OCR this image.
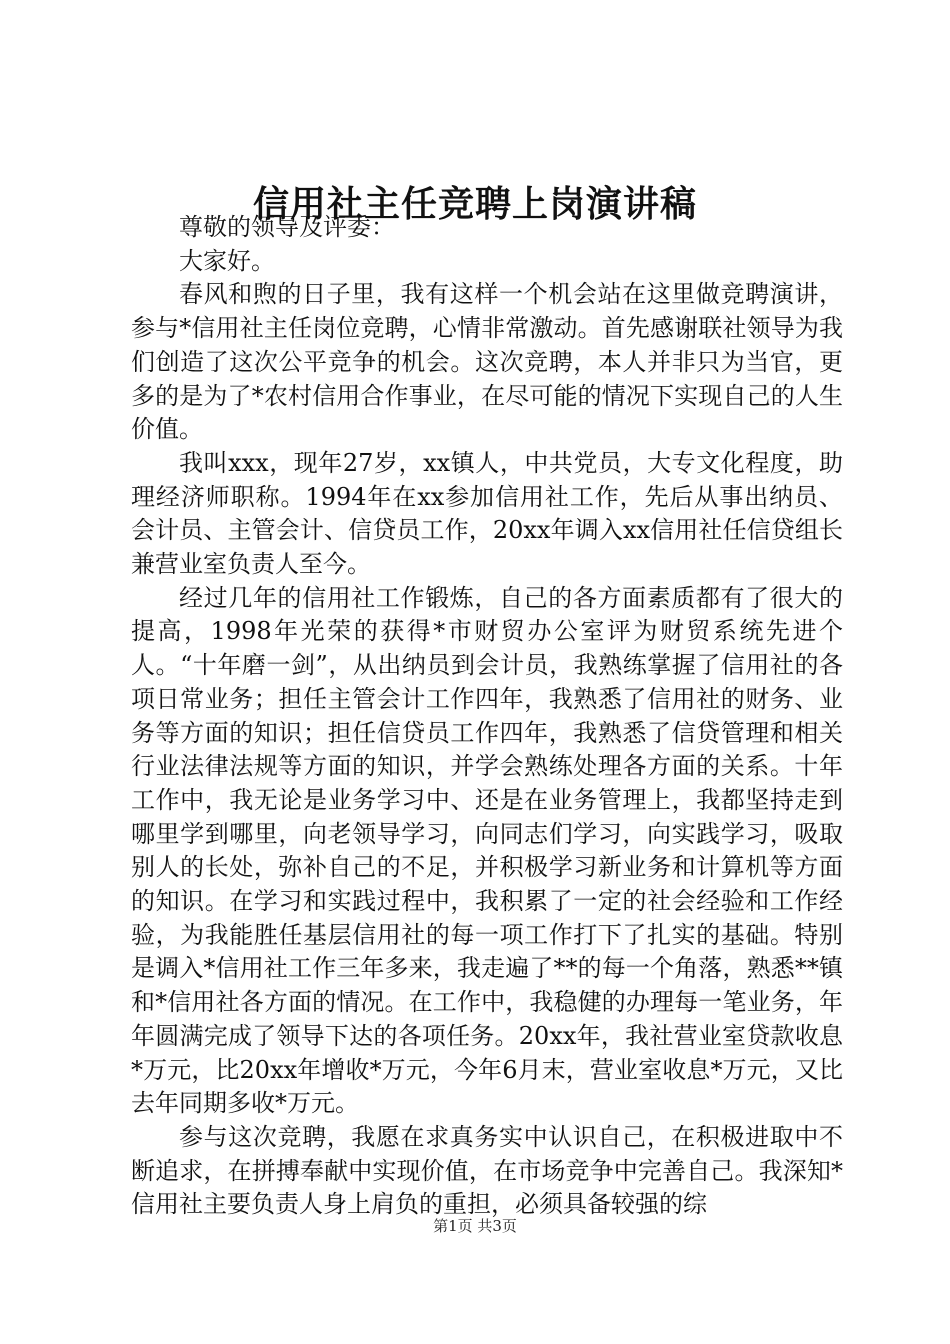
信用社主任竞聘上岗演讲稿

尊敬的领导及评委：

大家好。

春风和煦的日子里，我有这样一个机会站在这里做竞聘演讲，参与*信用社主任岗位竞聘，心情非常激动。首先感谢联社领导为我们创造了这次公平竞争的机会。这次竞聘，本人并非只为当官，更多的是为了*农村信用合作事业，在尽可能的情况下实现自己的人生价值。

我叫xxx，现年27岁，xx镇人，中共党员，大专文化程度，助理经济师职称。1994年在xx参加信用社工作，先后从事出纳员、会计员、主管会计、信贷员工作，20xx年调入xx信用社任信贷组长兼营业室负责人至今。

经过几年的信用社工作锻炼，自己的各方面素质都有了很大的提高，1998年光荣的获得*市财贸办公室评为财贸系统先进个人。“十年磨一剑”，从出纳员到会计员，我熟练掌握了信用社的各项日常业务；担任主管会计工作四年，我熟悉了信用社的财务、业务等方面的知识；担任信贷员工作四年，我熟悉了信贷管理和相关行业法律法规等方面的知识，并学会熟练处理各方面的关系。十年工作中，我无论是业务学习中、还是在业务管理上，我都坚持走到哪里学到哪里，向老领导学习，向同志们学习，向实践学习，吸取别人的长处，弥补自己的不足，并积极学习新业务和计算机等方面的知识。在学习和实践过程中，我积累了一定的社会经验和工作经验，为我能胜任基层信用社的每一项工作打下了扎实的基础。特别是调入*信用社工作三年多来，我走遍了**的每一个角落，熟悉**镇和*信用社各方面的情况。在工作中，我稳健的办理每一笔业务，年年圆满完成了领导下达的各项任务。20xx年，我社营业室贷款收息*万元，比20xx年增收*万元，今年6月末，营业室收息*万元，又比去年同期多收*万元。

参与这次竞聘，我愿在求真务实中认识自己，在积极进取中不断追求，在拼搏奉献中实现价值，在市场竞争中完善自己。我深知*信用社主要负责人身上肩负的重担，必须具备较强的综

第1页 共3页
